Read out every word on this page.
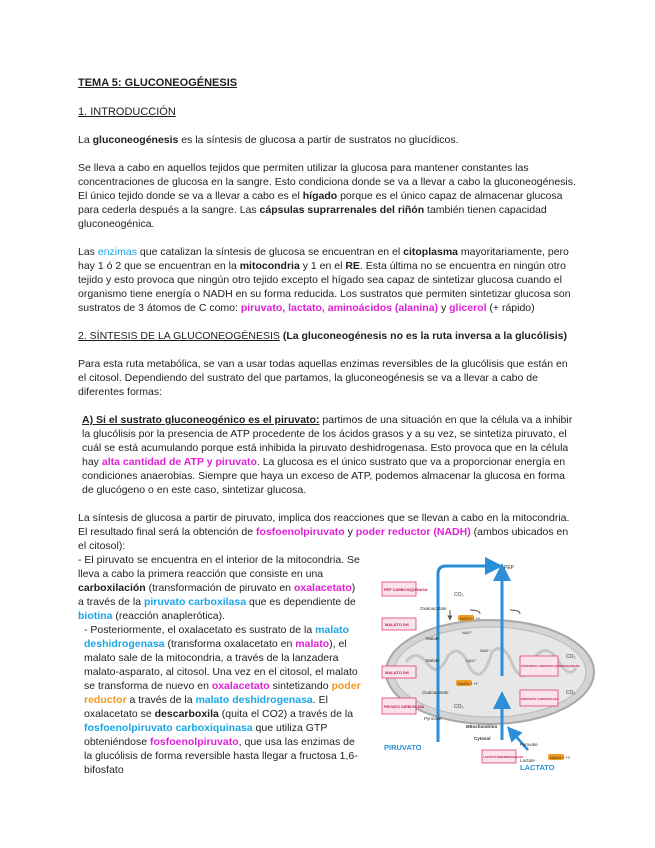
TEMA 5: GLUCONEOGÉNESIS

1. INTRODUCCIÓN

La gluconeogénesis es la síntesis de glucosa a partir de sustratos no glucídicos.

Se lleva a cabo en aquellos tejidos que permiten utilizar la glucosa para mantener constantes las concentraciones de glucosa en la sangre. Esto condiciona donde se va a llevar a cabo la gluconeogénesis. El único tejido donde se va a llevar a cabo es el hígado porque es el único capaz de almacenar glucosa para cederla después a la sangre. Las cápsulas suprarrenales del riñón también tienen capacidad gluconeogénica.

Las enzimas que catalizan la síntesis de glucosa se encuentran en el citoplasma mayoritariamente, pero hay 1 ó 2 que se encuentran en la mitocondria y 1 en el RE. Esta última no se encuentra en ningún otro tejido y esto provoca que ningún otro tejido excepto el hígado sea capaz de sintetizar glucosa cuando el organismo tiene energía o NADH en su forma reducida. Los sustratos que permiten sintetizar glucosa son sustratos de 3 átomos de C como: piruvato, lactato, aminoácidos (alanina) y glicerol (+ rápido)

2. SÍNTESIS DE LA GLUCONEOGÉNESIS (La gluconeogénesis no es la ruta inversa a la glucólisis)

Para esta ruta metabólica, se van a usar todas aquellas enzimas reversibles de la glucólisis que están en el citosol. Dependiendo del sustrato del que partamos, la gluconeogénesis se va a llevar a cabo de diferentes formas:

A) Si el sustrato gluconeogénico es el piruvato: partimos de una situación en que la célula va a inhibir la glucólisis por la presencia de ATP procedente de los ácidos grasos y a su vez, se sintetiza piruvato, el cuál se está acumulando porque está inhibida la piruvato deshidrogenasa. Esto provoca que en la célula hay alta cantidad de ATP y piruvato. La glucosa es el único sustrato que va a proporcionar energía en condiciones anaerobias. Siempre que haya un exceso de ATP, podemos almacenar la glucosa en forma de glucógeno o en este caso, sintetizar glucosa.

La síntesis de glucosa a partir de piruvato, implica dos reacciones que se llevan a cabo en la mitocondria. El resultado final será la obtención de fosfoenolpiruvato y poder reductor (NADH) (ambos ubicados en el citosol):

- El piruvato se encuentra en el interior de la mitocondria. Se lleva a cabo la primera reacción que consiste en una carboxilación (transformación de piruvato en oxalacetato) a través de la piruvato carboxilasa que es dependiente de biotina (reacción anaplerótica).

- Posteriormente, el oxalacetato es sustrato de la malato deshidrogenasa (transforma oxalacetato en malato), el malato sale de la mitocondria, a través de la lanzadera malato-asparato, al citosol. Una vez en el citosol, el malato se transforma de nuevo en oxalacetato sintetizando poder reductor a través de la malato deshidrogenasa. El oxalacetato se descarboxila (quita el CO2) a través de la fosfoenolpiruvato carboxiquinasa que utiliza GTP obteniéndose fosfoenolpiruvato, que usa las enzimas de la glucólisis de forma reversible hasta llegar a fructosa 1,6-bifosfato

PEP
PEP CARBOXIQUINASA
CO₂
Oxaloacetate
NADH + H⁺
NAD⁺
MALATO DH
Malate
Malate	NAD⁺
MALATO DH
NADH + H⁺
Oxaloacetate
CO₂
PIRUVATO CARBOXILASA
Pyruvate
FOSFOENOL PIRUVATO CARBOXIQUINASA
CO₂
NAD⁺
PIRUVATO CARBOXILASA
CO₂
Mitochondrion
Cytosol
PIRUVATO	Pyruvate
NADH + H⁺
LACTATO DESHIDROGENASA
Lactate
LACTATO
